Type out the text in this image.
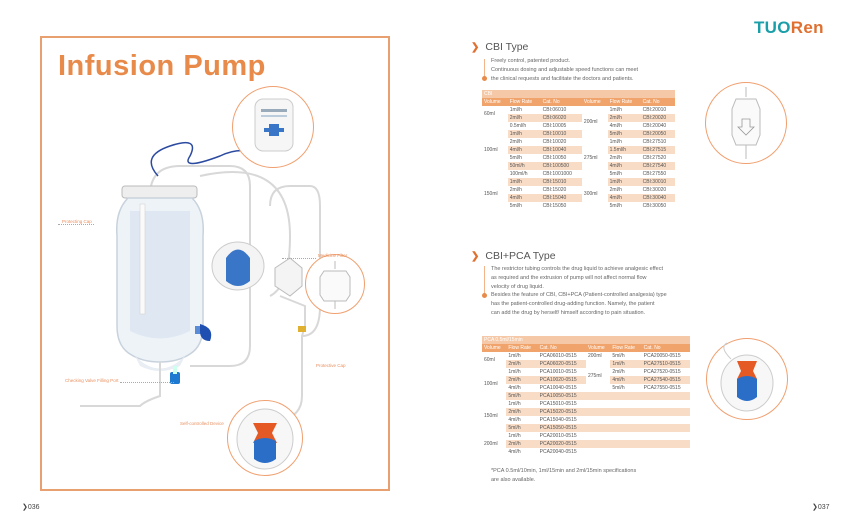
Infusion Pump
Protecting Cap
Medicine Filter
Protective Cap
Checking Valve Filling Port
Self-controlled Device
❯036	❯037
TUORen
❯ CBI Type
Freely control, patented product.
Continuous dosing and adjustable speed functions can meet
the clinical requests and facilitate the doctors and patients.
CBI					
Volume	Flow Rate	Cat. No	Volume	Flow Rate	Cat. No
60ml	1ml/h	CBI:06010	200ml	1ml/h	CBI:20010
	2ml/h	CBI:06020		2ml/h	CBI:20020
100ml	0.5ml/h	CBI:10005		4ml/h	CBI:20040
	1ml/h	CBI:10010		5ml/h	CBI:20050
	2ml/h	CBI:10020	275ml	1ml/h	CBI:27510
	4ml/h	CBI:10040		1.5ml/h	CBI:27515
	5ml/h	CBI:10050		2ml/h	CBI:27520
	50ml/h	CBI:100500		4ml/h	CBI:27540
	100ml/h	CBI:1001000		5ml/h	CBI:27550
150ml	1ml/h	CBI:15010	300ml	1ml/h	CBI:30010
	2ml/h	CBI:15020		2ml/h	CBI:30020
	4ml/h	CBI:15040		4ml/h	CBI:30040
	5ml/h	CBI:15050		5ml/h	CBI:30050
❯ CBI+PCA Type
The restrictor tubing controls the drug liquid to achieve analgesic effect
as required and the extrusion of pump will not affect normal flow
velocity of drug liquid.
Besides the feature of CBI, CBI+PCA (Patient-controlled analgesia) type
has the patient-controlled drug-adding function. Namely, the patient
can add the drug by herself/ himself according to pain situation.
PCA 0.5ml/15min					
Volume	Flow Rate	Cat. No	Volume	Flow Rate	Cat. No
60ml	1ml/h	PCA06010-0515	200ml	5ml/h	PCA20050-0515
	2ml/h	PCA06020-0515	275ml	1ml/h	PCA27510-0515
100ml	1ml/h	PCA10010-0515		2ml/h	PCA27520-0515
	2ml/h	PCA10020-0515		4ml/h	PCA27540-0515
	4ml/h	PCA10040-0515		5ml/h	PCA27550-0515
	5ml/h	PCA10050-0515			
150ml	1ml/h	PCA15010-0515			
	2ml/h	PCA15020-0515			
	4ml/h	PCA15040-0515			
	5ml/h	PCA15050-0515			
200ml	1ml/h	PCA20010-0515			
	2ml/h	PCA20020-0515			
	4ml/h	PCA20040-0515			
*PCA 0.5ml/10min, 1ml/15min and 2ml/15min specifications
are also available.
